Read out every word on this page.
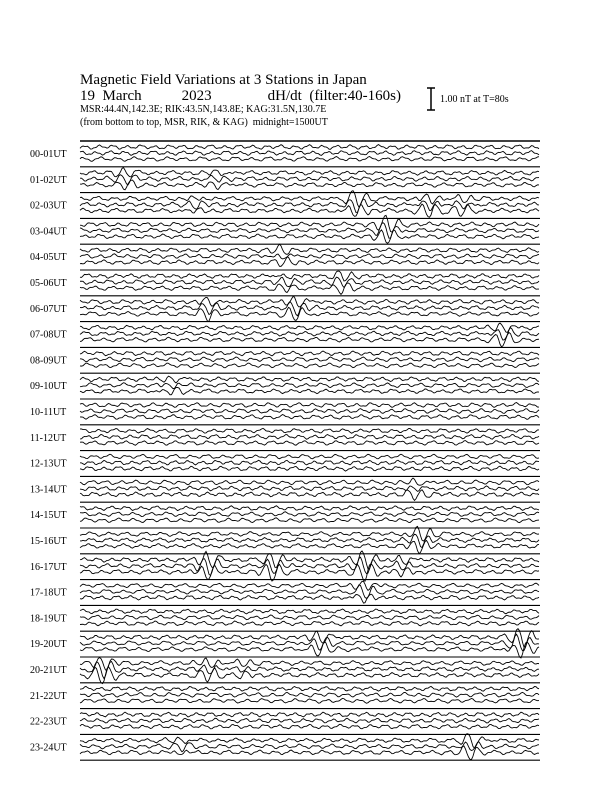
Magnetic Field Variations at 3 Stations in Japan
19 March	2023	dH/dt (filter:40-160s)
MSR:44.4N,142.3E; RIK:43.5N,143.8E; KAG:31.5N,130.7E
(from bottom to top, MSR, RIK, & KAG) midnight=1500UT
1.00 nT at T=80s
00-01UT
01-02UT
02-03UT
03-04UT
04-05UT
05-06UT
06-07UT
07-08UT
08-09UT
09-10UT
10-11UT
11-12UT
12-13UT
13-14UT
14-15UT
15-16UT
16-17UT
17-18UT
18-19UT
19-20UT
20-21UT
21-22UT
22-23UT
23-24UT
